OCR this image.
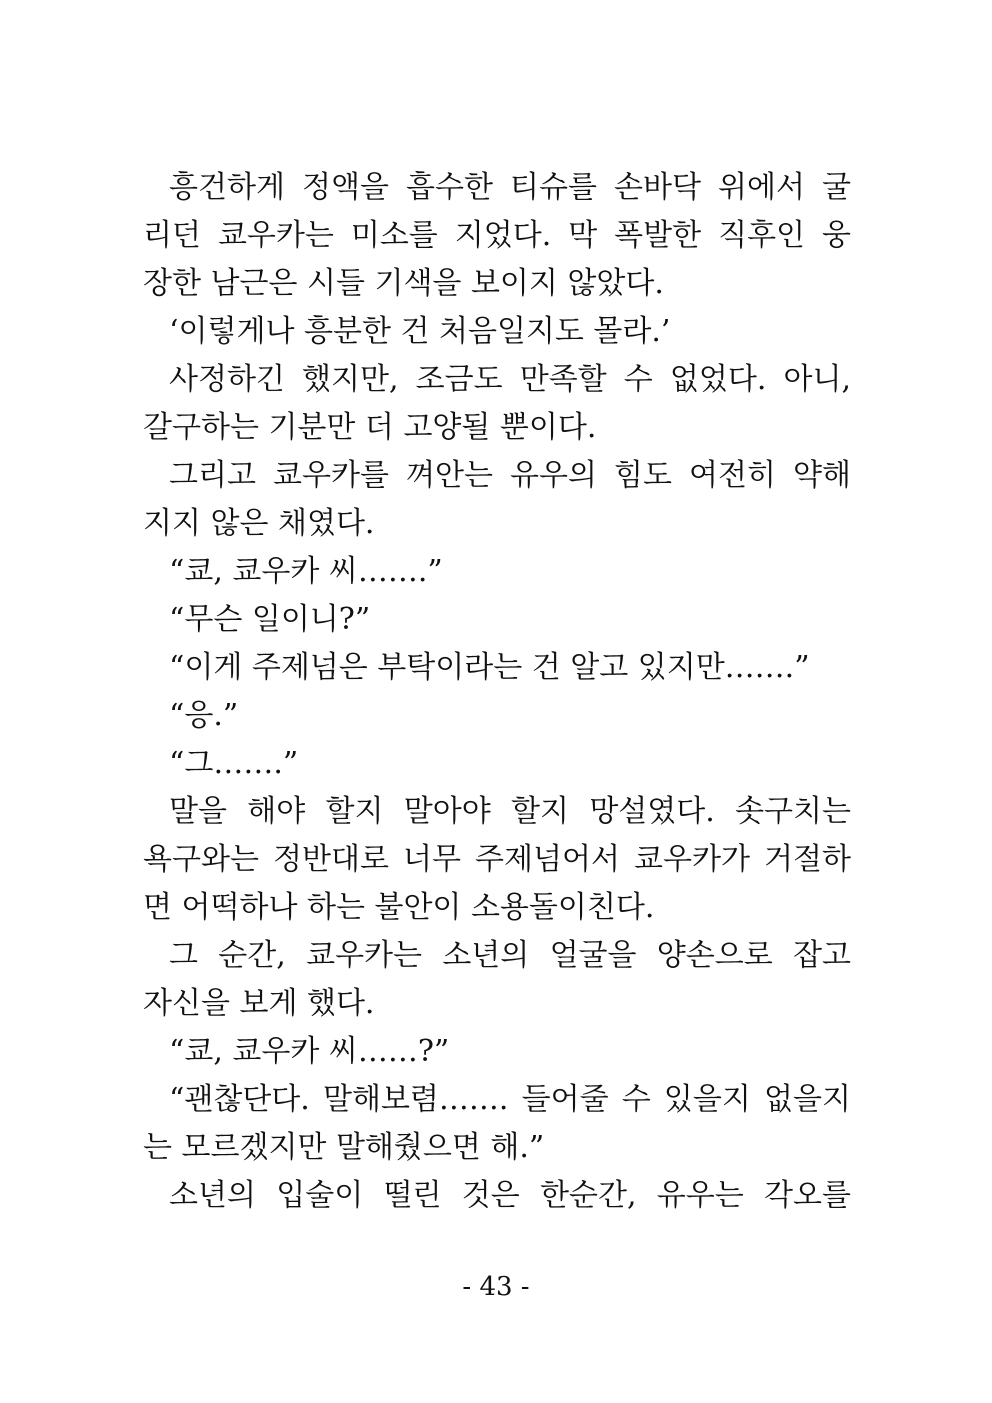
흥건하게 정액을 흡수한 티슈를 손바닥 위에서 굴
리던 쿄우카는 미소를 지었다. 막 폭발한 직후인 웅
장한 남근은 시들 기색을 보이지 않았다.
‘이렇게나 흥분한 건 처음일지도 몰라.’
사정하긴 했지만, 조금도 만족할 수 없었다. 아니,
갈구하는 기분만 더 고양될 뿐이다.
그리고 쿄우카를 껴안는 유우의 힘도 여전히 약해
지지 않은 채였다.
“쿄, 쿄우카 씨…….”
“무슨 일이니?”
“이게 주제넘은 부탁이라는 건 알고 있지만…….”
“응.”
“그…….”
말을 해야 할지 말아야 할지 망설였다. 솟구치는
욕구와는 정반대로 너무 주제넘어서 쿄우카가 거절하
면 어떡하나 하는 불안이 소용돌이친다.
그 순간, 쿄우카는 소년의 얼굴을 양손으로 잡고
자신을 보게 했다.
“쿄, 쿄우카 씨……?”
“괜찮단다. 말해보렴……. 들어줄 수 있을지 없을지
는 모르겠지만 말해줬으면 해.”
소년의 입술이 떨린 것은 한순간, 유우는 각오를
- 43 -
